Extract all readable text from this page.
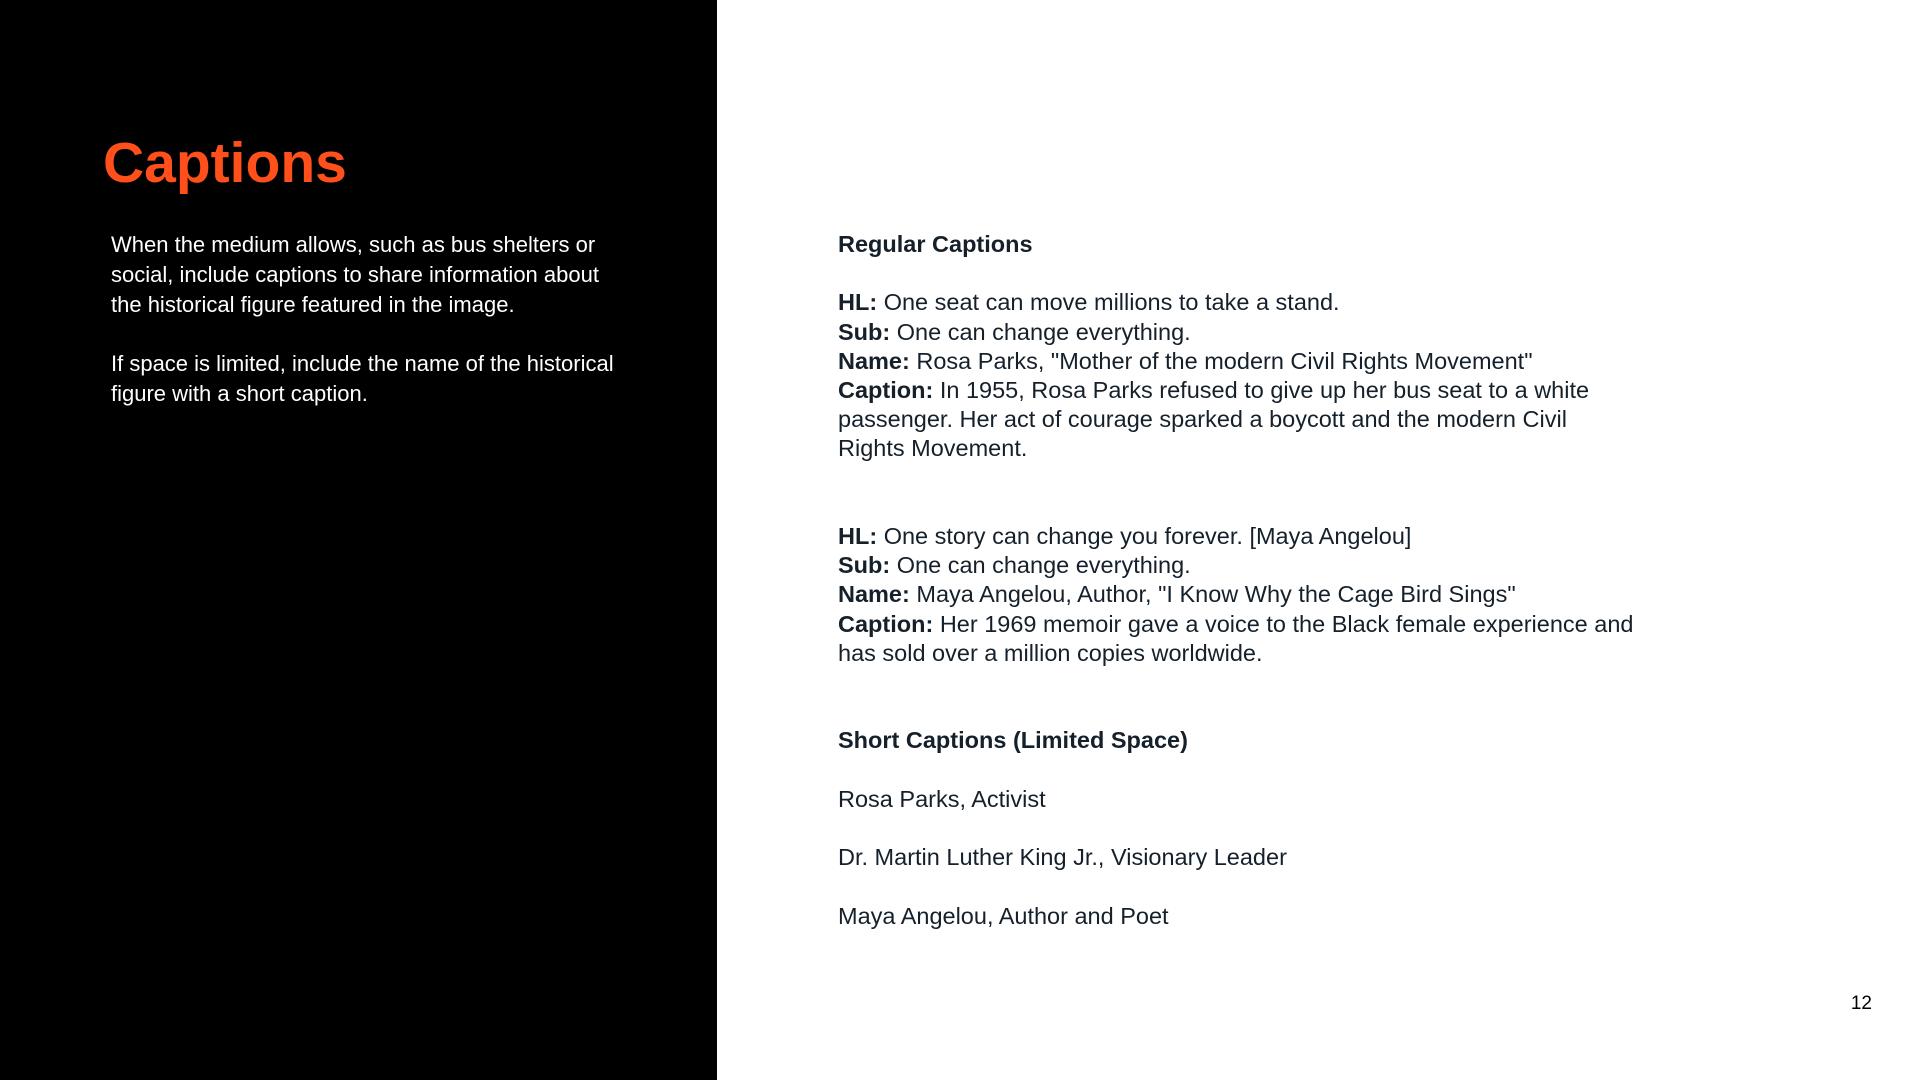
Captions

When the medium allows, such as bus shelters or social, include captions to share information about the historical figure featured in the image.

If space is limited, include the name of the historical figure with a short caption.

Regular Captions

HL: One seat can move millions to take a stand.

Sub: One can change everything.

Name: Rosa Parks, "Mother of the modern Civil Rights Movement"

Caption: In 1955, Rosa Parks refused to give up her bus seat to a white passenger. Her act of courage sparked a boycott and the modern Civil Rights Movement.

HL: One story can change you forever. [Maya Angelou]

Sub: One can change everything.

Name: Maya Angelou, Author, "I Know Why the Cage Bird Sings"

Caption: Her 1969 memoir gave a voice to the Black female experience and has sold over a million copies worldwide.

Short Captions (Limited Space)

Rosa Parks, Activist

Dr. Martin Luther King Jr., Visionary Leader

Maya Angelou, Author and Poet

12
